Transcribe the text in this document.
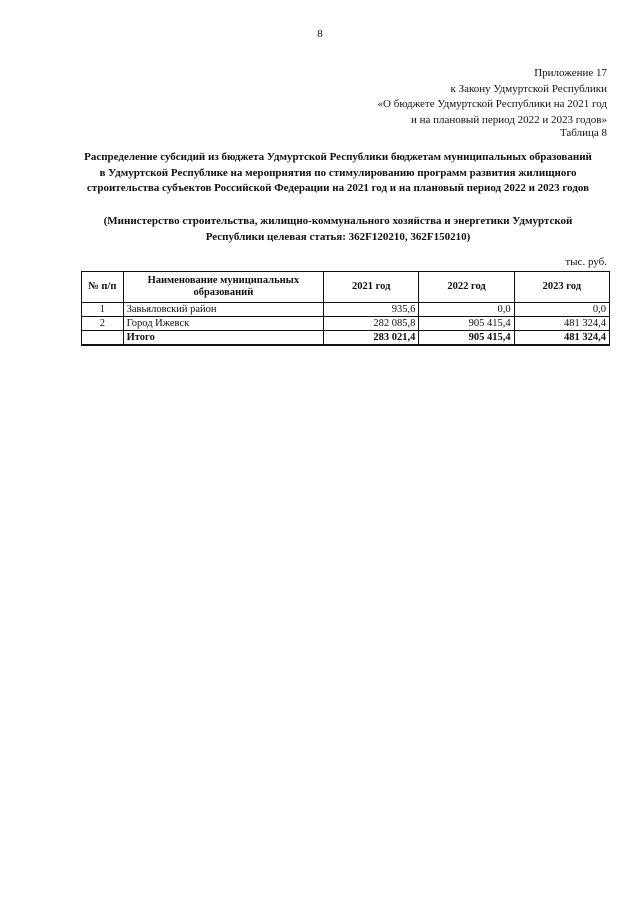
8
Приложение 17
к Закону Удмуртской Республики
«О бюджете Удмуртской Республики на 2021 год
и на плановый период 2022 и 2023 годов»
Таблица 8
Распределение субсидий из бюджета Удмуртской Республики бюджетам муниципальных образований
в Удмуртской Республике на мероприятия по стимулированию программ развития жилищного
строительства субъектов Российской Федерации на 2021 год и на плановый период 2022 и 2023 годов
(Министерство строительства, жилищно-коммунального хозяйства и энергетики Удмуртской
Республики целевая статья: 362F120210, 362F150210)
тыс. руб.
№ п/п	Наименование муниципальных образований	2021 год	2022 год	2023 год
1	Завьяловский район	935,6	0,0	0,0
2	Город Ижевск	282 085,8	905 415,4	481 324,4
	Итого	283 021,4	905 415,4	481 324,4
